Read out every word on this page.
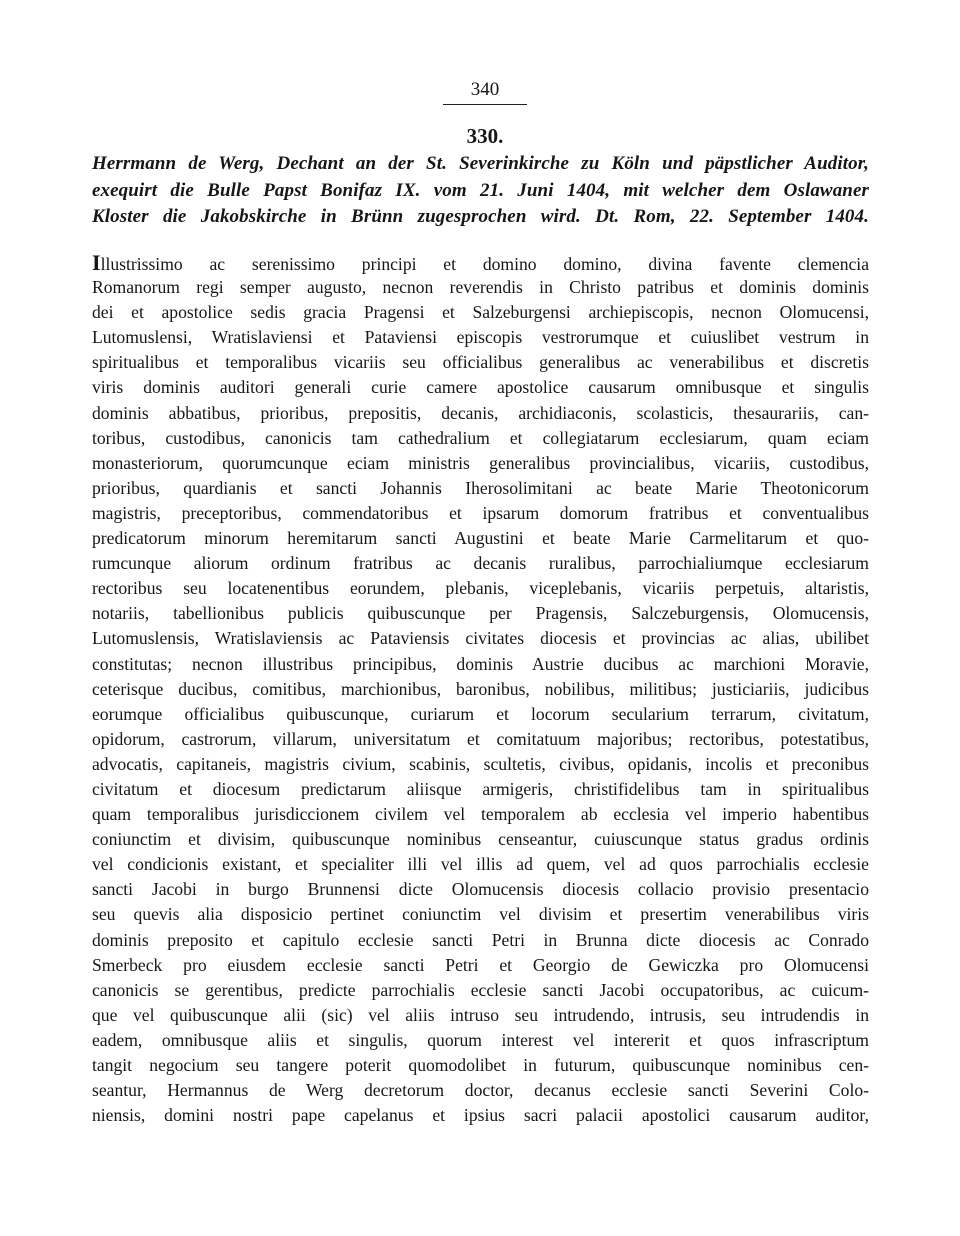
340
330.
Herrmann de Werg, Dechant an der St. Severinkirche zu Köln und päpstlicher Auditor,
exequirt die Bulle Papst Bonifaz IX. vom 21. Juni 1404, mit welcher dem Oslawaner
Kloster die Jakobskirche in Brünn zugesprochen wird. Dt. Rom, 22. September 1404.
Illustrissimo ac serenissimo principi et domino domino, divina favente clemencia
Romanorum regi semper augusto, necnon reverendis in Christo patribus et dominis dominis
dei et apostolice sedis gracia Pragensi et Salzeburgensi archiepiscopis, necnon Olomucensi,
Lutomuslensi, Wratislaviensi et Pataviensi episcopis vestrorumque et cuiuslibet vestrum in
spiritualibus et temporalibus vicariis seu officialibus generalibus ac venerabilibus et discretis
viris dominis auditori generali curie camere apostolice causarum omnibusque et singulis
dominis abbatibus, prioribus, prepositis, decanis, archidiaconis, scolasticis, thesaurariis, can-
toribus, custodibus, canonicis tam cathedralium et collegiatarum ecclesiarum, quam eciam
monasteriorum, quorumcunque eciam ministris generalibus provincialibus, vicariis, custodibus,
prioribus, quardianis et sancti Johannis Iherosolimitani ac beate Marie Theotonicorum
magistris, preceptoribus, commendatoribus et ipsarum domorum fratribus et conventualibus
predicatorum minorum heremitarum sancti Augustini et beate Marie Carmelitarum et quo-
rumcunque aliorum ordinum fratribus ac decanis ruralibus, parrochialiumque ecclesiarum
rectoribus seu locatenentibus eorundem, plebanis, viceplebanis, vicariis perpetuis, altaristis,
notariis, tabellionibus publicis quibuscunque per Pragensis, Salczeburgensis, Olomucensis,
Lutomuslensis, Wratislaviensis ac Pataviensis civitates diocesis et provincias ac alias, ubilibet
constitutas; necnon illustribus principibus, dominis Austrie ducibus ac marchioni Moravie,
ceterisque ducibus, comitibus, marchionibus, baronibus, nobilibus, militibus; justiciariis, judicibus
eorumque officialibus quibuscunque, curiarum et locorum secularium terrarum, civitatum,
opidorum, castrorum, villarum, universitatum et comitatuum majoribus; rectoribus, potestatibus,
advocatis, capitaneis, magistris civium, scabinis, scultetis, civibus, opidanis, incolis et preconibus
civitatum et diocesum predictarum aliisque armigeris, christifidelibus tam in spiritualibus
quam temporalibus jurisdiccionem civilem vel temporalem ab ecclesia vel imperio habentibus
coniunctim et divisim, quibuscunque nominibus censeantur, cuiuscunque status gradus ordinis
vel condicionis existant, et specialiter illi vel illis ad quem, vel ad quos parrochialis ecclesie
sancti Jacobi in burgo Brunnensi dicte Olomucensis diocesis collacio provisio presentacio
seu quevis alia disposicio pertinet coniunctim vel divisim et presertim venerabilibus viris
dominis preposito et capitulo ecclesie sancti Petri in Brunna dicte diocesis ac Conrado
Smerbeck pro eiusdem ecclesie sancti Petri et Georgio de Gewiczka pro Olomucensi
canonicis se gerentibus, predicte parrochialis ecclesie sancti Jacobi occupatoribus, ac cuicum-
que vel quibuscunque alii (sic) vel aliis intruso seu intrudendo, intrusis, seu intrudendis in
eadem, omnibusque aliis et singulis, quorum interest vel intererit et quos infrascriptum
tangit negocium seu tangere poterit quomodolibet in futurum, quibuscunque nominibus cen-
seantur, Hermannus de Werg decretorum doctor, decanus ecclesie sancti Severini Colo-
niensis, domini nostri pape capelanus et ipsius sacri palacii apostolici causarum auditor,
